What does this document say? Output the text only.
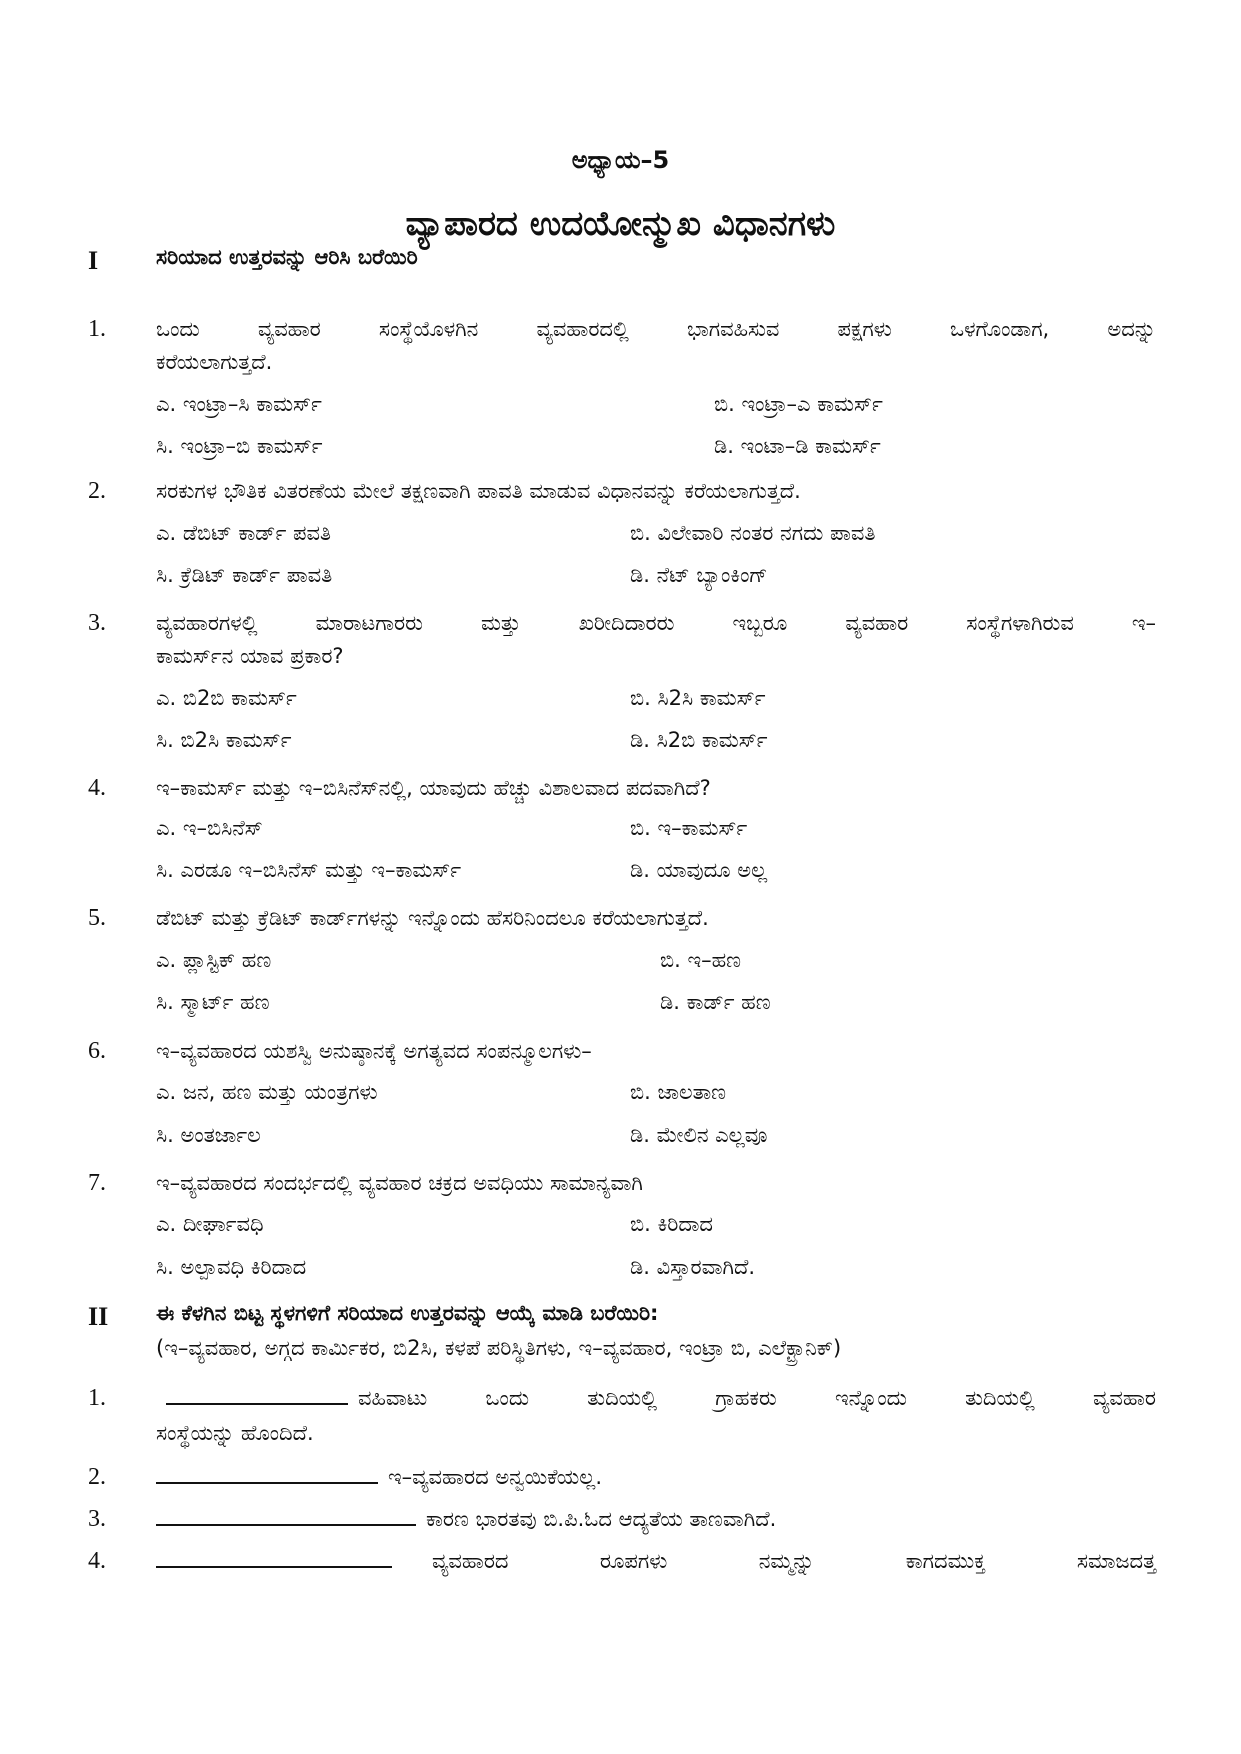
ಅಧ್ಯಾಯ–5
ವ್ಯಾಪಾರದ ಉದಯೋನ್ಮುಖ ವಿಧಾನಗಳು
I	ಸರಿಯಾದ ಉತ್ತರವನ್ನು ಆರಿಸಿ ಬರೆಯಿರಿ
1. ಒಂದು ವ್ಯವಹಾರ ಸಂಸ್ಥೆಯೊಳಗಿನ ವ್ಯವಹಾರದಲ್ಲಿ ಭಾಗವಹಿಸುವ ಪಕ್ಷಗಳು ಒಳಗೊಂಡಾಗ, ಅದನ್ನು
ಕರೆಯಲಾಗುತ್ತದೆ.
ಎ. ಇಂಟ್ರಾ–ಸಿ ಕಾಮರ್ಸ್	ಬಿ. ಇಂಟ್ರಾ–ಎ ಕಾಮರ್ಸ್
ಸಿ. ಇಂಟ್ರಾ–ಬಿ ಕಾಮರ್ಸ್	ಡಿ. ಇಂಟಾ–ಡಿ ಕಾಮರ್ಸ್
2. ಸರಕುಗಳ ಭೌತಿಕ ವಿತರಣೆಯ ಮೇಲೆ ತಕ್ಷಣವಾಗಿ ಪಾವತಿ ಮಾಡುವ ವಿಧಾನವನ್ನು ಕರೆಯಲಾಗುತ್ತದೆ.
ಎ. ಡೆಬಿಟ್ ಕಾರ್ಡ್ ಪವತಿ	ಬಿ. ವಿಲೇವಾರಿ ನಂತರ ನಗದು ಪಾವತಿ
ಸಿ. ಕ್ರೆಡಿಟ್ ಕಾರ್ಡ್ ಪಾವತಿ	ಡಿ. ನೆಟ್ ಬ್ಯಾಂಕಿಂಗ್
3. ವ್ಯವಹಾರಗಳಲ್ಲಿ ಮಾರಾಟಗಾರರು ಮತ್ತು ಖರೀದಿದಾರರು ಇಬ್ಬರೂ ವ್ಯವಹಾರ ಸಂಸ್ಥೆಗಳಾಗಿರುವ ಇ–
ಕಾಮರ್ಸ್‌ನ ಯಾವ ಪ್ರಕಾರ?
ಎ. ಬಿ2ಬಿ ಕಾಮರ್ಸ್	ಬಿ. ಸಿ2ಸಿ ಕಾಮರ್ಸ್
ಸಿ. ಬಿ2ಸಿ ಕಾಮರ್ಸ್	ಡಿ. ಸಿ2ಬಿ ಕಾಮರ್ಸ್
4. ಇ–ಕಾಮರ್ಸ್ ಮತ್ತು ಇ–ಬಿಸಿನೆಸ್‌ನಲ್ಲಿ, ಯಾವುದು ಹೆಚ್ಚು ವಿಶಾಲವಾದ ಪದವಾಗಿದೆ?
ಎ. ಇ–ಬಿಸಿನೆಸ್	ಬಿ. ಇ–ಕಾಮರ್ಸ್
ಸಿ. ಎರಡೂ ಇ–ಬಿಸಿನೆಸ್ ಮತ್ತು ಇ–ಕಾಮರ್ಸ್	ಡಿ. ಯಾವುದೂ ಅಲ್ಲ
5. ಡೆಬಿಟ್ ಮತ್ತು ಕ್ರೆಡಿಟ್ ಕಾರ್ಡ್‌ಗಳನ್ನು ಇನ್ನೊಂದು ಹೆಸರಿನಿಂದಲೂ ಕರೆಯಲಾಗುತ್ತದೆ.
ಎ. ಪ್ಲಾಸ್ಟಿಕ್ ಹಣ	ಬಿ. ಇ–ಹಣ
ಸಿ. ಸ್ಮಾರ್ಟ್ ಹಣ	ಡಿ. ಕಾರ್ಡ್ ಹಣ
6. ಇ–ವ್ಯವಹಾರದ ಯಶಸ್ವಿ ಅನುಷ್ಠಾನಕ್ಕೆ ಅಗತ್ಯವದ ಸಂಪನ್ಮೂಲಗಳು–
ಎ. ಜನ, ಹಣ ಮತ್ತು ಯಂತ್ರಗಳು	ಬಿ. ಜಾಲತಾಣ
ಸಿ. ಅಂತರ್ಜಾಲ	ಡಿ. ಮೇಲಿನ ಎಲ್ಲವೂ
7. ಇ–ವ್ಯವಹಾರದ ಸಂದರ್ಭದಲ್ಲಿ ವ್ಯವಹಾರ ಚಕ್ರದ ಅವಧಿಯು ಸಾಮಾನ್ಯವಾಗಿ
ಎ. ದೀರ್ಘಾವಧಿ	ಬಿ. ಕಿರಿದಾದ
ಸಿ. ಅಲ್ಪಾವಧಿ ಕಿರಿದಾದ	ಡಿ. ವಿಸ್ತಾರವಾಗಿದೆ.
II ಈ ಕೆಳಗಿನ ಬಿಟ್ಟ ಸ್ಥಳಗಳಿಗೆ ಸರಿಯಾದ ಉತ್ತರವನ್ನು ಆಯ್ಕೆ ಮಾಡಿ ಬರೆಯಿರಿ:
(ಇ–ವ್ಯವಹಾರ, ಅಗ್ಗದ ಕಾರ್ಮಿಕರ, ಬಿ2ಸಿ, ಕಳಪೆ ಪರಿಸ್ಥಿತಿಗಳು, ಇ–ವ್ಯವಹಾರ, ಇಂಟ್ರಾ ಬಿ, ಎಲೆಕ್ಟ್ರಾನಿಕ್)
1.	ವಹಿವಾಟು ಒಂದು ತುದಿಯಲ್ಲಿ ಗ್ರಾಹಕರು ಇನ್ನೊಂದು ತುದಿಯಲ್ಲಿ ವ್ಯವಹಾರ
ಸಂಸ್ಥೆಯನ್ನು ಹೊಂದಿದೆ.
2.	ಇ–ವ್ಯವಹಾರದ ಅನ್ವಯಿಕೆಯಲ್ಲ.
3.	ಕಾರಣ ಭಾರತವು ಬಿ.ಪಿ.ಓದ ಆದ್ಯತೆಯ ತಾಣವಾಗಿದೆ.
4.	ವ್ಯವಹಾರದ ರೂಪಗಳು ನಮ್ಮನ್ನು ಕಾಗದಮುಕ್ತ ಸಮಾಜದತ್ತ
